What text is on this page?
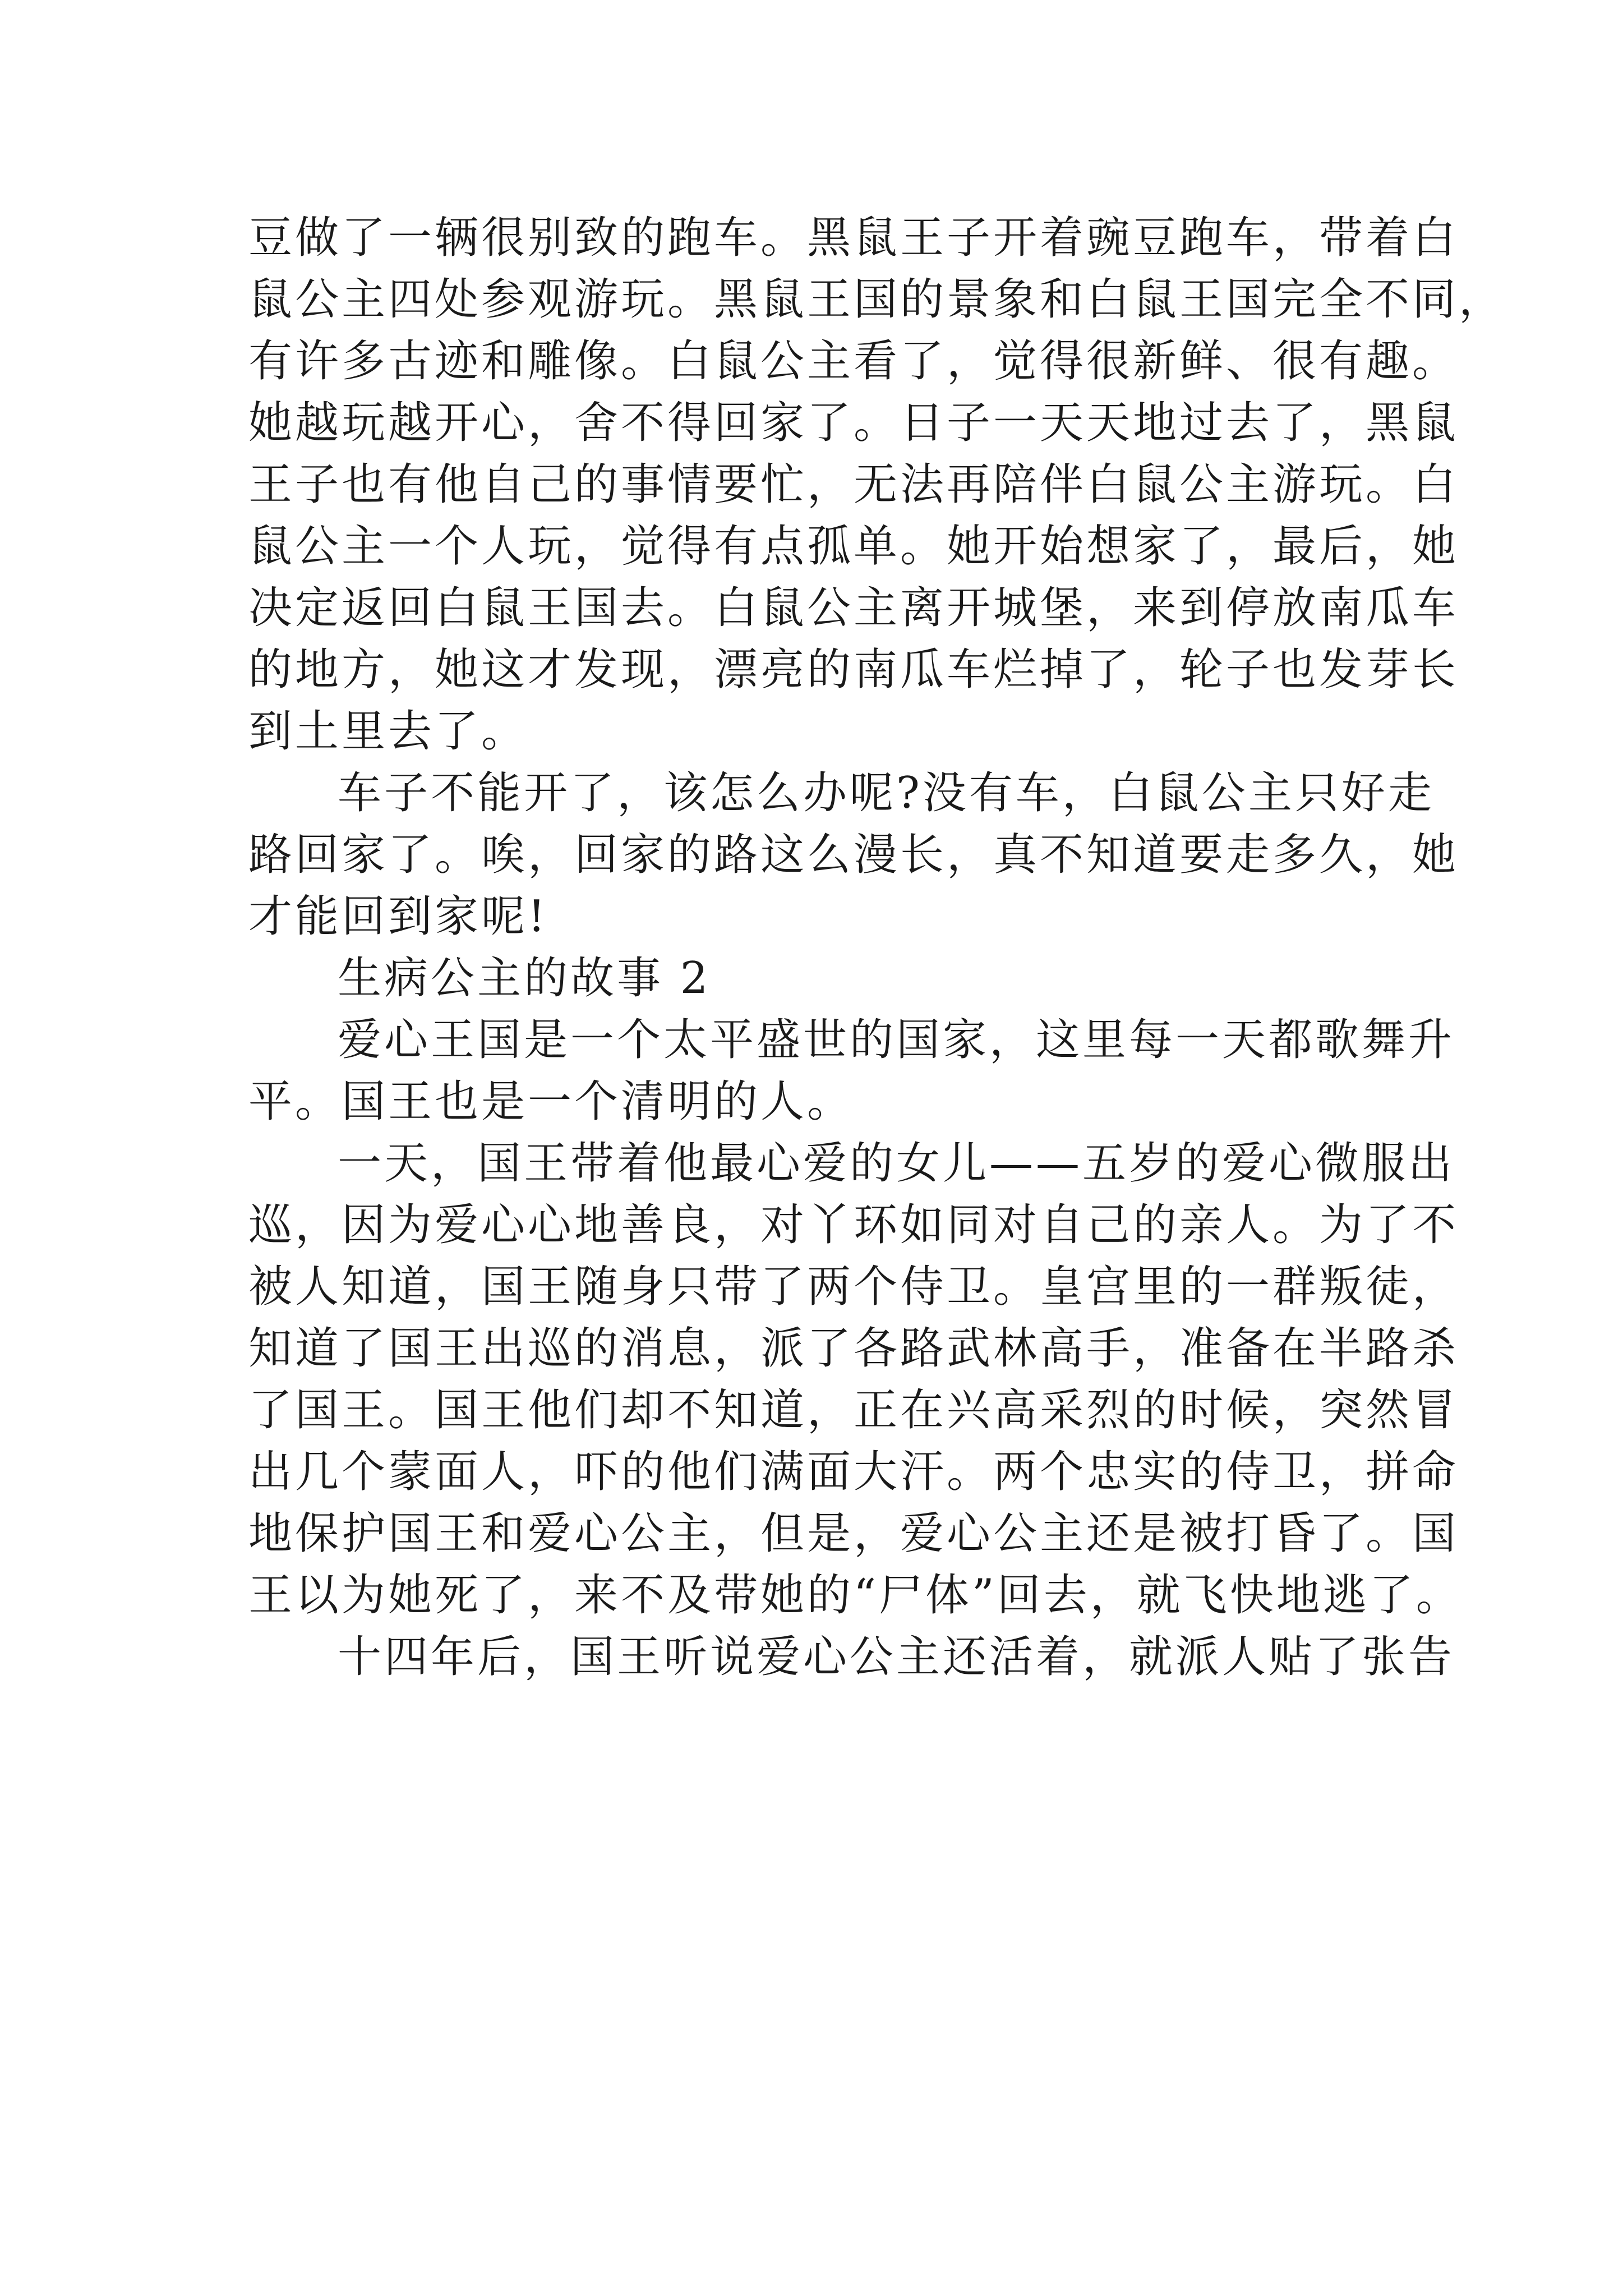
豆做了一辆很别致的跑车。黑鼠王子开着豌豆跑车，带着白
鼠公主四处参观游玩。黑鼠王国的景象和白鼠王国完全不同，
有许多古迹和雕像。白鼠公主看了，觉得很新鲜、很有趣。
她越玩越开心，舍不得回家了。日子一天天地过去了，黑鼠
王子也有他自己的事情要忙，无法再陪伴白鼠公主游玩。白
鼠公主一个人玩，觉得有点孤单。她开始想家了，最后，她
决定返回白鼠王国去。白鼠公主离开城堡，来到停放南瓜车
的地方，她这才发现，漂亮的南瓜车烂掉了，轮子也发芽长
到土里去了。
车子不能开了，该怎么办呢?没有车，白鼠公主只好走
路回家了。唉，回家的路这么漫长，真不知道要走多久，她
才能回到家呢!
生病公主的故事 2
爱心王国是一个太平盛世的国家，这里每一天都歌舞升
平。国王也是一个清明的人。
一天，国王带着他最心爱的女儿——五岁的爱心微服出
巡，因为爱心心地善良，对丫环如同对自己的亲人。为了不
被人知道，国王随身只带了两个侍卫。皇宫里的一群叛徒，
知道了国王出巡的消息，派了各路武林高手，准备在半路杀
了国王。国王他们却不知道，正在兴高采烈的时候，突然冒
出几个蒙面人，吓的他们满面大汗。两个忠实的侍卫，拼命
地保护国王和爱心公主，但是，爱心公主还是被打昏了。国
王以为她死了，来不及带她的“尸体”回去，就飞快地逃了。
十四年后，国王听说爱心公主还活着，就派人贴了张告
